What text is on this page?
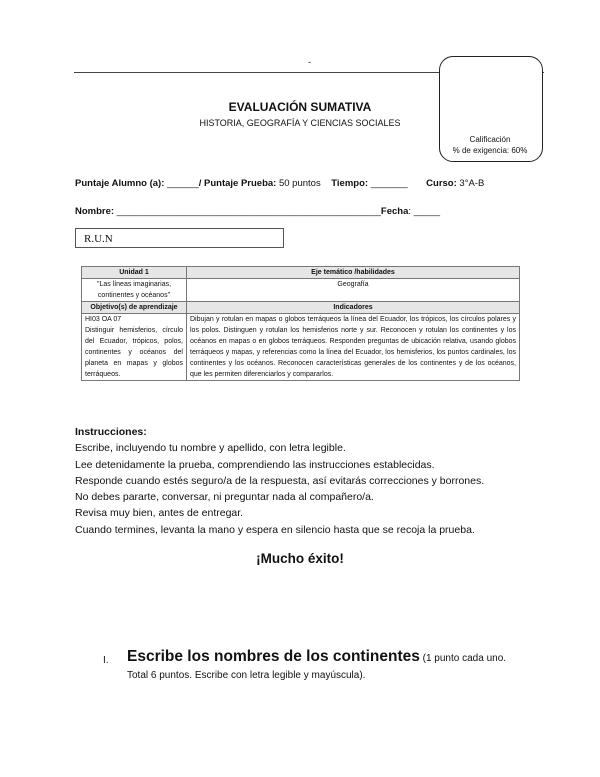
-
Calificación
% de exigencia: 60%
EVALUACIÓN SUMATIVA
HISTORIA, GEOGRAFÍA Y CIENCIAS SOCIALES
Puntaje Alumno (a): ______/ Puntaje Prueba: 50 puntos Tiempo: _______ Curso: 3°A-B
Nombre: __________________________________________________Fecha: _____
R.U.N
Unidad 1	Eje temático /habilidades
"Las líneas imaginarias, continentes y océanos"	Geografía
Objetivo(s) de aprendizaje	Indicadores

HI03 OA 07
Distinguir hemisferios, círculo del Ecuador, trópicos, polos, continentes y océanos del planeta en mapas y globos terráqueos.	Dibujan y rotulan en mapas o globos terráqueos la línea del Ecuador, los trópicos, los círculos polares y los polos. Distinguen y rotulan los hemisferios norte y sur. Reconocen y rotulan los continentes y los océanos en mapas o en globos terráqueos. Responden preguntas de ubicación relativa, usando globos terráqueos y mapas, y referencias como la línea del Ecuador, los hemisferios, los puntos cardinales, los continentes y los océanos. Reconocen características generales de los continentes y de los océanos, que les permiten diferenciarlos y compararlos.
Instrucciones:
Escribe, incluyendo tu nombre y apellido, con letra legible.
Lee detenidamente la prueba, comprendiendo las instrucciones establecidas.
Responde cuando estés seguro/a de la respuesta, así evitarás correcciones y borrones.
No debes pararte, conversar, ni preguntar nada al compañero/a.
Revisa muy bien, antes de entregar.
Cuando termines, levanta la mano y espera en silencio hasta que se recoja la prueba.
¡Mucho éxito!
I. Escribe los nombres de los continentes (1 punto cada uno. Total 6 puntos. Escribe con letra legible y mayúscula).
